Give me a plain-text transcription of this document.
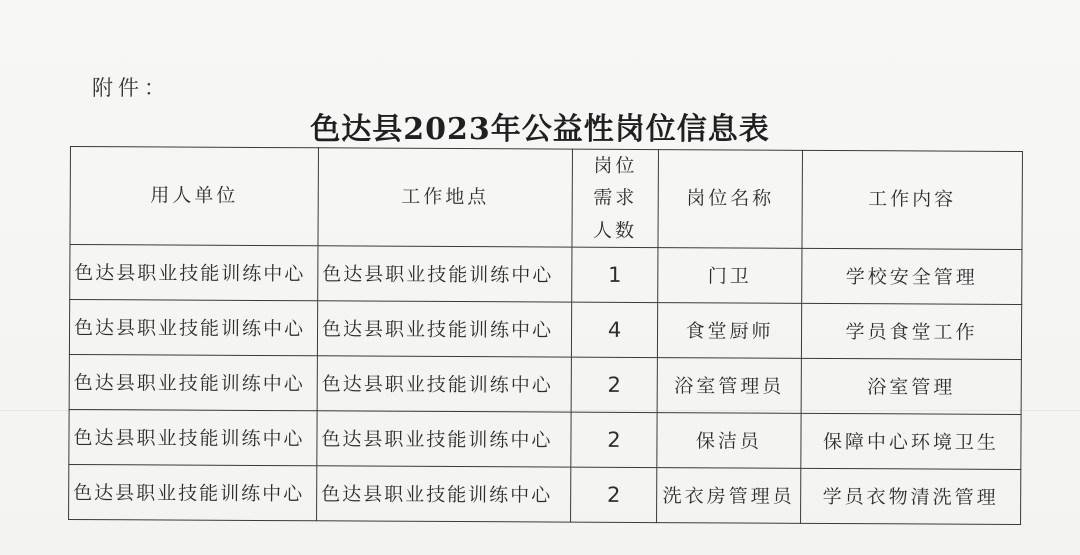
附件：
色达县2023年公益性岗位信息表
用人单位	工作地点	岗位需求人数	岗位名称	工作内容
色达县职业技能训练中心	色达县职业技能训练中心	1	门卫	学校安全管理
色达县职业技能训练中心	色达县职业技能训练中心	4	食堂厨师	学员食堂工作
色达县职业技能训练中心	色达县职业技能训练中心	2	浴室管理员	浴室管理
色达县职业技能训练中心	色达县职业技能训练中心	2	保洁员	保障中心环境卫生
色达县职业技能训练中心	色达县职业技能训练中心	2	洗衣房管理员	学员衣物清洗管理
